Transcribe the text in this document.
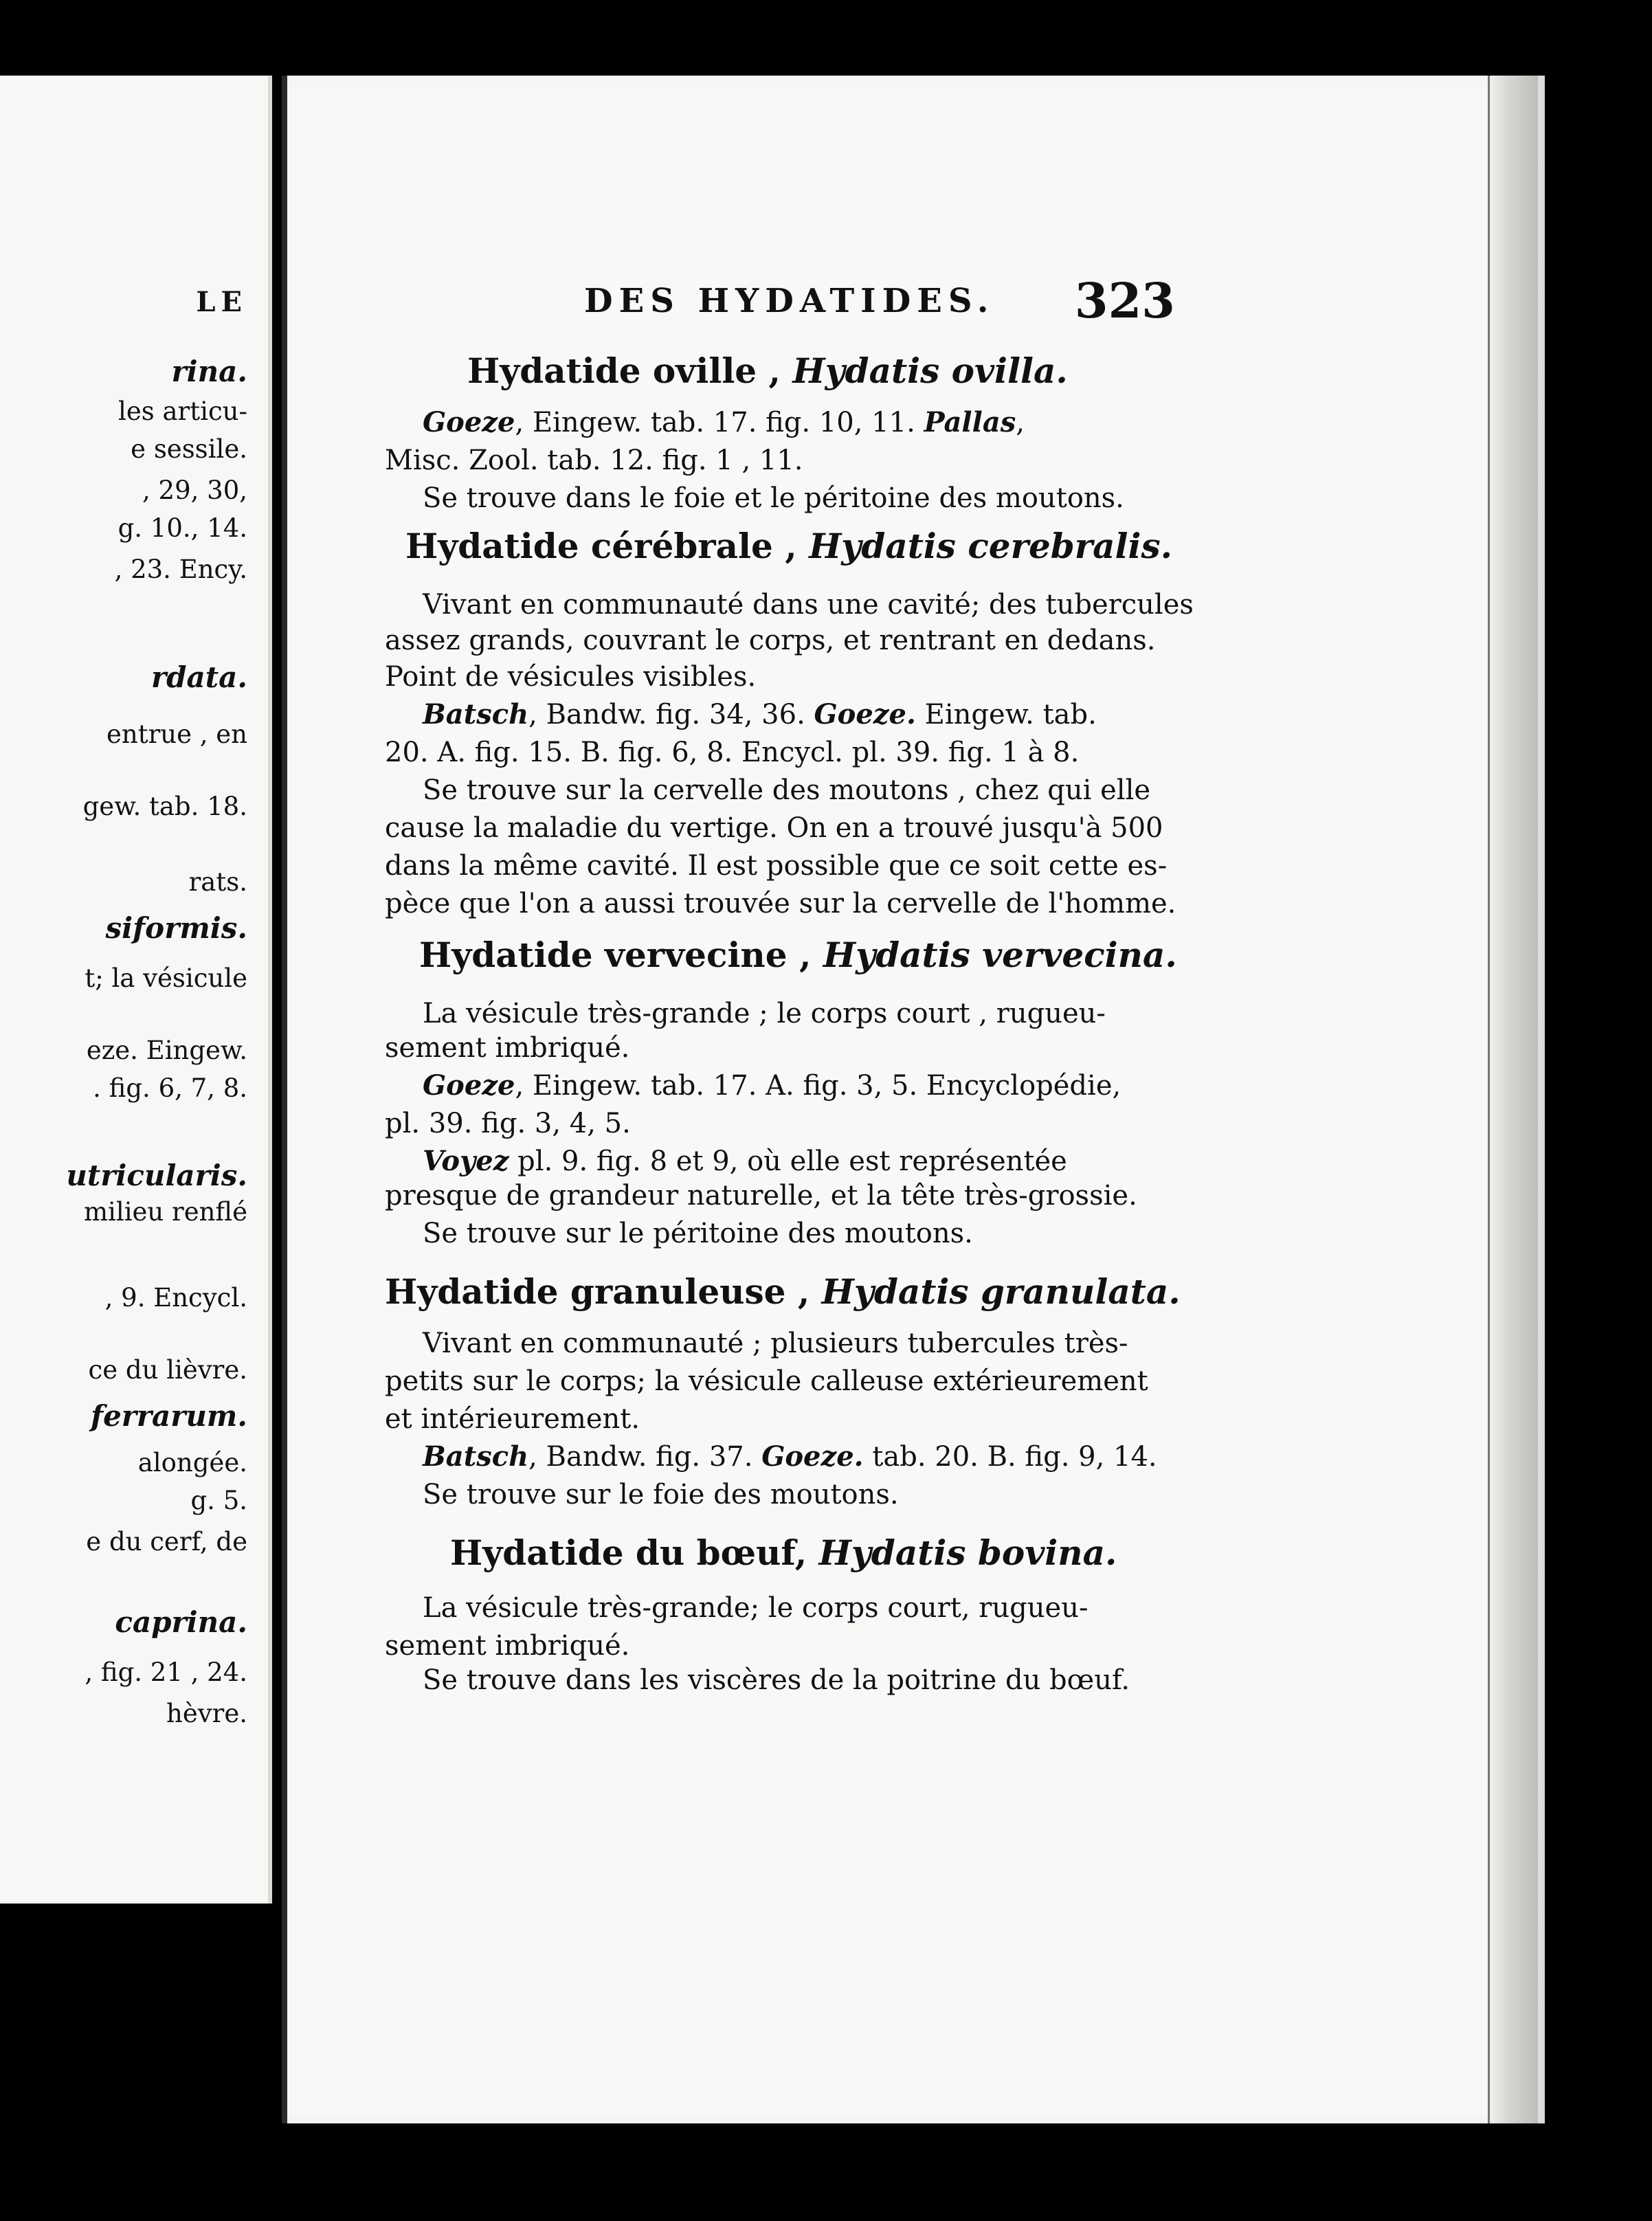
LE
rina.
les articu-
e sessile.
, 29, 30,
g. 10., 14.
, 23. Ency.
rdata.
entrue , en
gew. tab. 18.
rats.
siformis.
t; la vésicule
eze. Eingew.
. fig. 6, 7, 8.
utricularis.
milieu renflé
, 9. Encycl.
ce du lièvre.
ferrarum.
alongée.
g. 5.
e du cerf, de
caprina.
, fig. 21 , 24.
hèvre.
DES HYDATIDES. 323
Hydatide oville , Hydatis ovilla.
Goeze, Eingew. tab. 17. fig. 10, 11. Pallas,
Misc. Zool. tab. 12. fig. 1 , 11.
Se trouve dans le foie et le péritoine des moutons.
Hydatide cérébrale , Hydatis cerebralis.
Vivant en communauté dans une cavité; des tubercules
assez grands, couvrant le corps, et rentrant en dedans.
Point de vésicules visibles.
Batsch, Bandw. fig. 34, 36. Goeze. Eingew. tab.
20. A. fig. 15. B. fig. 6, 8. Encycl. pl. 39. fig. 1 à 8.
Se trouve sur la cervelle des moutons , chez qui elle
cause la maladie du vertige. On en a trouvé jusqu'à 500
dans la même cavité. Il est possible que ce soit cette es-
pèce que l'on a aussi trouvée sur la cervelle de l'homme.
Hydatide vervecine , Hydatis vervecina.
La vésicule très-grande ; le corps court , rugueu-
sement imbriqué.
Goeze, Eingew. tab. 17. A. fig. 3, 5. Encyclopédie,
pl. 39. fig. 3, 4, 5.
Voyez pl. 9. fig. 8 et 9, où elle est représentée
presque de grandeur naturelle, et la tête très-grossie.
Se trouve sur le péritoine des moutons.
Hydatide granuleuse , Hydatis granulata.
Vivant en communauté ; plusieurs tubercules très-
petits sur le corps; la vésicule calleuse extérieurement
et intérieurement.
Batsch, Bandw. fig. 37. Goeze. tab. 20. B. fig. 9, 14.
Se trouve sur le foie des moutons.
Hydatide du bœuf, Hydatis bovina.
La vésicule très-grande; le corps court, rugueu-
sement imbriqué.
Se trouve dans les viscères de la poitrine du bœuf.
